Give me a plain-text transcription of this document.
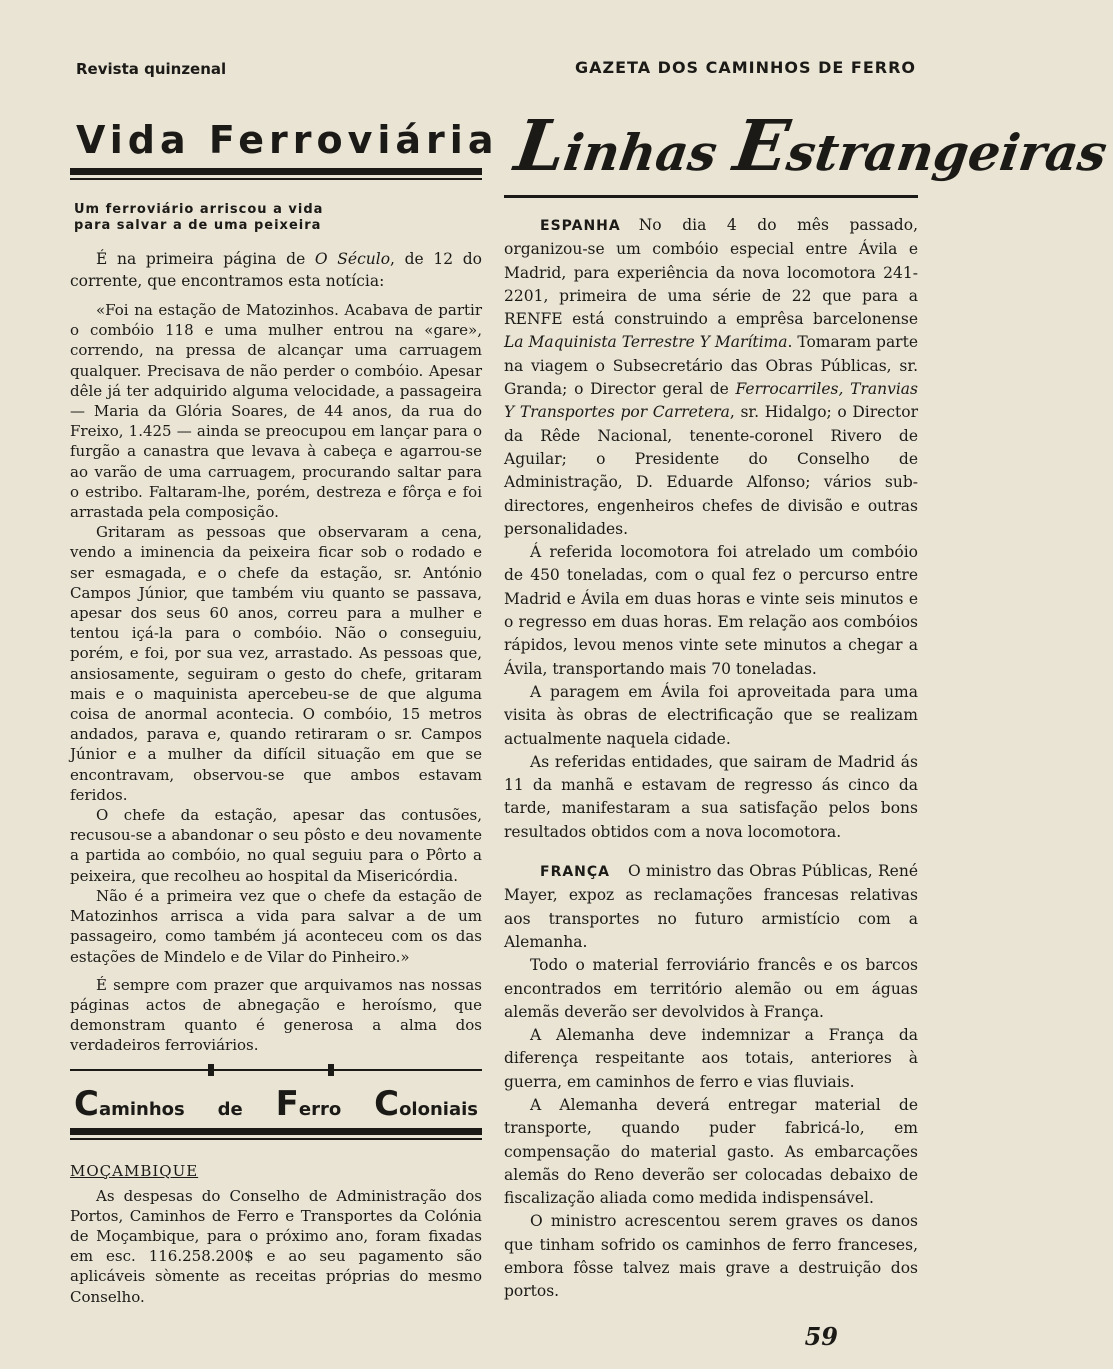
Revista quinzenal	GAZETA DOS CAMINHOS DE FERRO
Vida Ferroviária
Um ferroviário arriscou a vida
para salvar a de uma peixeira

É na primeira página de O Século, de 12 do corrente, que encontramos esta notícia:

«Foi na estação de Matozinhos. Acabava de partir o combóio 118 e uma mulher entrou na «gare», correndo, na pressa de alcançar uma carruagem qualquer. Precisava de não perder o combóio. Apesar dêle já ter adquirido alguma velocidade, a passageira — Maria da Glória Soares, de 44 anos, da rua do Freixo, 1.425 — ainda se preocupou em lançar para o furgão a canastra que levava à cabeça e agarrou-se ao varão de uma carruagem, procurando saltar para o estribo. Faltaram-lhe, porém, destreza e fôrça e foi arrastada pela composição.

Gritaram as pessoas que observaram a cena, vendo a iminencia da peixeira ficar sob o rodado e ser esmagada, e o chefe da estação, sr. António Campos Júnior, que também viu quanto se passava, apesar dos seus 60 anos, correu para a mulher e tentou içá-la para o combóio. Não o conseguiu, porém, e foi, por sua vez, arrastado. As pessoas que, ansiosamente, seguiram o gesto do chefe, gritaram mais e o maquinista apercebeu-se de que alguma coisa de anormal acontecia. O combóio, 15 metros andados, parava e, quando retiraram o sr. Campos Júnior e a mulher da difícil situação em que se encontravam, observou-se que ambos estavam feridos.

O chefe da estação, apesar das contusões, recusou-se a abandonar o seu pôsto e deu novamente a partida ao combóio, no qual seguiu para o Pôrto a peixeira, que recolheu ao hospital da Misericórdia.

Não é a primeira vez que o chefe da estação de Matozinhos arrisca a vida para salvar a de um passageiro, como também já aconteceu com os das estações de Mindelo e de Vilar do Pinheiro.»

É sempre com prazer que arquivamos nas nossas páginas actos de abnegação e heroísmo, que demonstram quanto é generosa a alma dos verdadeiros ferroviários.

Caminhos de Ferro Coloniais
MOÇAMBIQUE

As despesas do Conselho de Administração dos Portos, Caminhos de Ferro e Transportes da Colónia de Moçambique, para o próximo ano, foram fixadas em esc. 116.258.200$ e ao seu pagamento são aplicáveis sòmente as receitas próprias do mesmo Conselho.

Linhas Estrangeiras

ESPANHA No dia 4 do mês passado, organizou-se um combóio especial entre Ávila e Madrid, para experiência da nova locomotora 241-2201, primeira de uma série de 22 que para a RENFE está construindo a emprêsa barcelonense La Maquinista Terrestre Y Marítima. Tomaram parte na viagem o Subsecretário das Obras Públicas, sr. Granda; o Director geral de Ferrocarriles, Tranvias Y Transportes por Carretera, sr. Hidalgo; o Director da Rêde Nacional, tenente-coronel Rivero de Aguilar; o Presidente do Conselho de Administração, D. Eduarde Alfonso; vários sub-directores, engenheiros chefes de divisão e outras personalidades.

Á referida locomotora foi atrelado um combóio de 450 toneladas, com o qual fez o percurso entre Madrid e Ávila em duas horas e vinte seis minutos e o regresso em duas horas. Em relação aos combóios rápidos, levou menos vinte sete minutos a chegar a Ávila, transportando mais 70 toneladas.

A paragem em Ávila foi aproveitada para uma visita às obras de electrificação que se realizam actualmente naquela cidade.

As referidas entidades, que sairam de Madrid ás 11 da manhã e estavam de regresso ás cinco da tarde, manifestaram a sua satisfação pelos bons resultados obtidos com a nova locomotora.

FRANÇA O ministro das Obras Públicas, René Mayer, expoz as reclamações francesas relativas aos transportes no futuro armistício com a Alemanha.

Todo o material ferroviário francês e os barcos encontrados em território alemão ou em águas alemãs deverão ser devolvidos à França.

A Alemanha deve indemnizar a França da diferença respeitante aos totais, anteriores à guerra, em caminhos de ferro e vias fluviais.

A Alemanha deverá entregar material de transporte, quando puder fabricá-lo, em compensação do material gasto. As embarcações alemãs do Reno deverão ser colocadas debaixo de fiscalização aliada como medida indispensável.

O ministro acrescentou serem graves os danos que tinham sofrido os caminhos de ferro franceses, embora fôsse talvez mais grave a destruição dos portos.

59
